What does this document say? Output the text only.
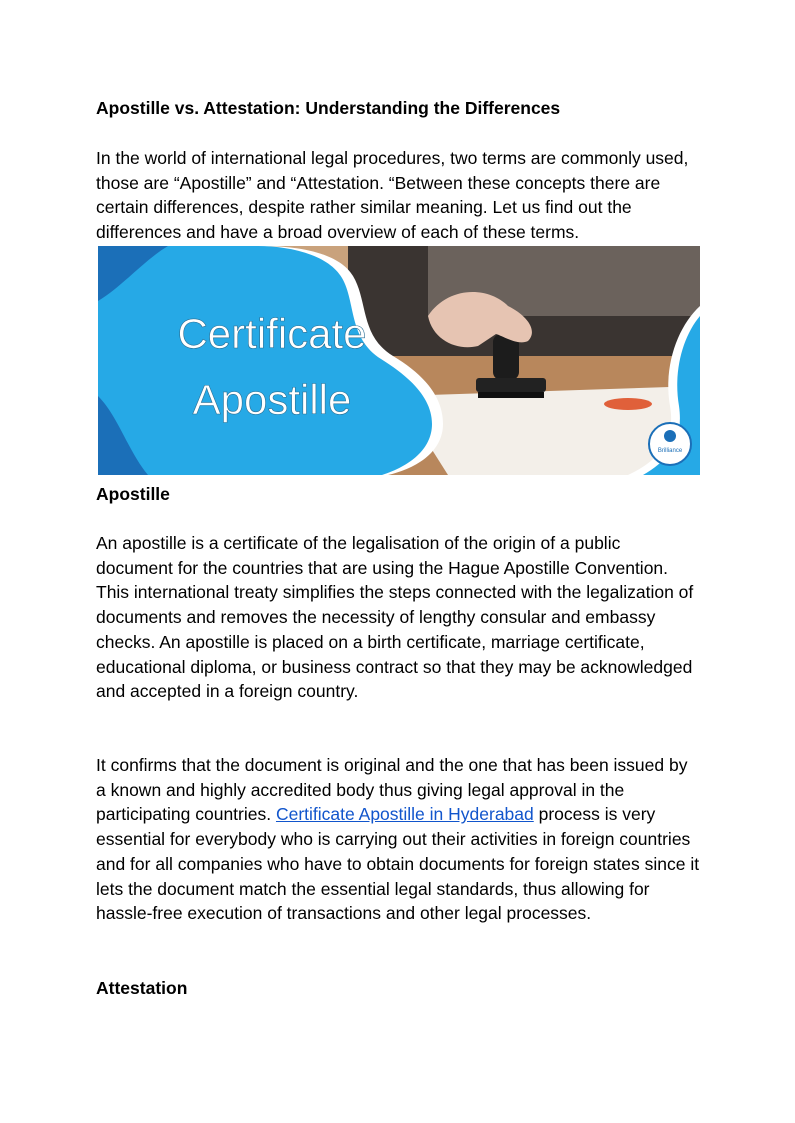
Apostille vs. Attestation: Understanding the Differences

In the world of international legal procedures, two terms are commonly used, those are “Apostille” and “Attestation. “Between these concepts there are certain differences, despite rather similar meaning. Let us find out the differences and have a broad overview of each of these terms.

Brilliance
Certificate
Apostille
Apostille

An apostille is a certificate of the legalisation of the origin of a public document for the countries that are using the Hague Apostille Convention. This international treaty simplifies the steps connected with the legalization of documents and removes the necessity of lengthy consular and embassy checks. An apostille is placed on a birth certificate, marriage certificate, educational diploma, or business contract so that they may be acknowledged and accepted in a foreign country.

It confirms that the document is original and the one that has been issued by a known and highly accredited body thus giving legal approval in the participating countries. Certificate Apostille in Hyderabad process is very essential for everybody who is carrying out their activities in foreign countries and for all companies who have to obtain documents for foreign states since it lets the document match the essential legal standards, thus allowing for hassle-free execution of transactions and other legal processes.

Attestation
